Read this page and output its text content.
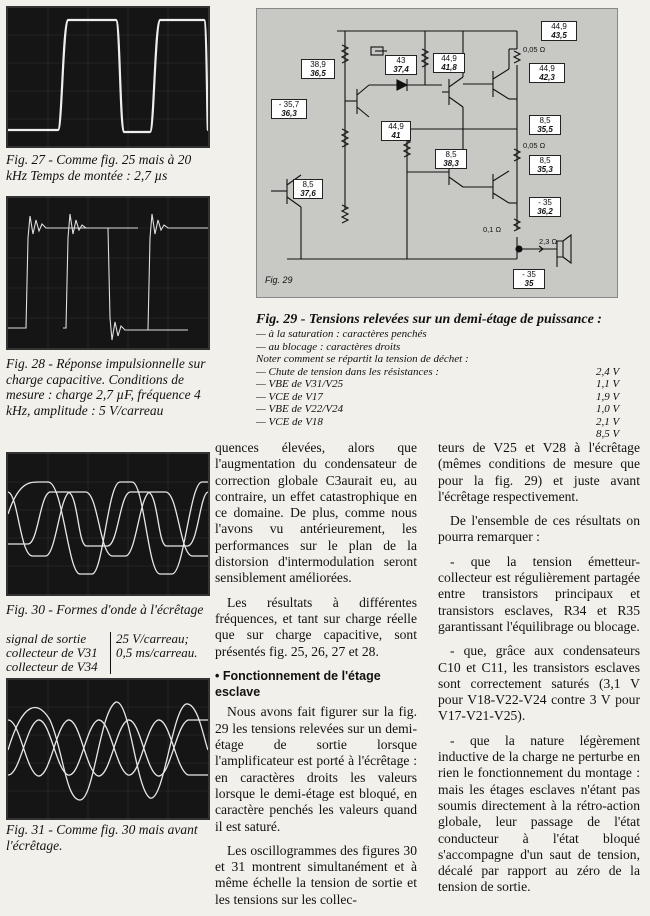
Fig. 27 - Comme fig. 25 mais à 20 kHz Temps de montée : 2,7 µs
Fig. 28 - Réponse impulsionnelle sur charge capacitive. Conditions de mesure : charge 2,7 µF, fréquence 4 kHz, amplitude : 5 V/carreau
Fig. 30 - Formes d'onde à l'écrêtage
signal de sortie
collecteur de V31
collecteur de V34
25 V/carreau;
0,5 ms/carreau.
Fig. 31 - Comme fig. 30 mais avant l'écrêtage.
44,9
43,5
38,9
36,5
43
37,4
44,9
41,8	44,9
42,3
- 35,7
36,3
44,9
41
8,5
35,5
8,5
38,3	8,5
35,3
8,5
37,6
- 35
36,2
- 35
35
0,05 Ω
0,05 Ω
0,1 Ω
2,3 Ω
Fig. 29
Fig. 29 - Tensions relevées sur un demi-étage de puissance :
— à la saturation : caractères penchés
— au blocage : caractères droits
Noter comment se répartit la tension de déchet :
— Chute de tension dans les résistances :	2,4 V
— VBE de V31/V25	1,1 V
— VCE de V17	1,9 V
— VBE de V22/V24	1,0 V
— VCE de V18	2,1 V
8,5 V

quences élevées, alors que l'augmentation du condensateur de correction globale C3aurait eu, au contraire, un effet catastrophique en ce domaine. De plus, comme nous l'avons vu antérieurement, les performances sur le plan de la distorsion d'intermodulation seront sensiblement améliorées.

Les résultats à différentes fréquences, et tant sur charge réelle que sur charge capacitive, sont présentés fig. 25, 26, 27 et 28.

• Fonctionnement de l'étage esclave

Nous avons fait figurer sur la fig. 29 les tensions relevées sur un demi-étage de sortie lorsque l'amplificateur est porté à l'écrêtage : en caractères droits les valeurs lorsque le demi-étage est bloqué, en caractère penchés les valeurs quand il est saturé.

Les oscillogrammes des figures 30 et 31 montrent simultanément et à même échelle la tension de sortie et les tensions sur les collec-

teurs de V25 et V28 à l'écrêtage (mêmes conditions de mesure que pour la fig. 29) et juste avant l'écrêtage respectivement.

De l'ensemble de ces résultats on pourra remarquer :

- que la tension émetteur-collecteur est régulièrement partagée entre transistors principaux et transistors esclaves, R34 et R35 garantissant l'équilibrage ou blocage.

- que, grâce aux condensateurs C10 et C11, les transistors esclaves sont correctement saturés (3,1 V pour V18-V22-V24 contre 3 V pour V17-V21-V25).

- que la nature légèrement inductive de la charge ne perturbe en rien le fonctionnement du montage : mais les étages esclaves n'étant pas soumis directement à la rétro-action globale, leur passage de l'état conducteur à l'état bloqué s'accompagne d'un saut de tension, décalé par rapport au zéro de la tension de sortie.
